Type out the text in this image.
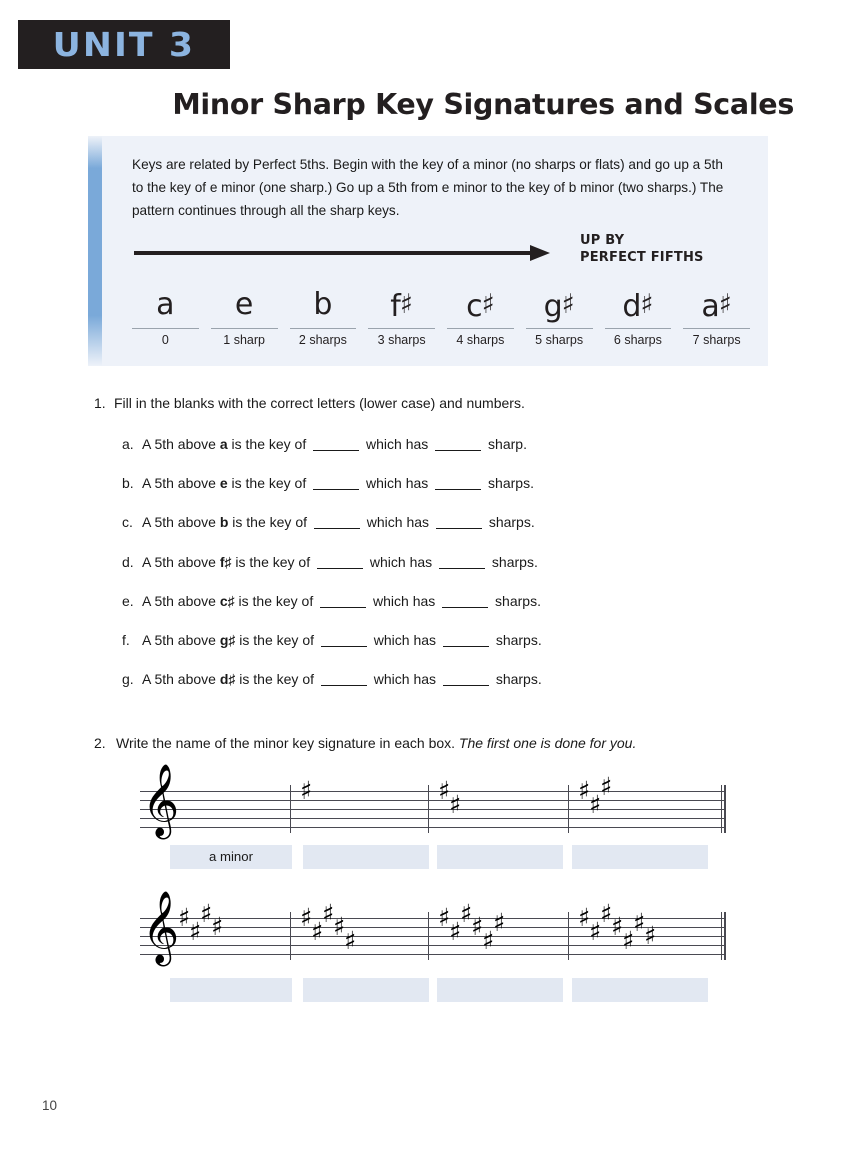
UNIT 3
Minor Sharp Key Signatures and Scales
Keys are related by Perfect 5ths. Begin with the key of a minor (no sharps or flats) and go up a 5th to the key of e minor (one sharp.) Go up a 5th from e minor to the key of b minor (two sharps.) The pattern continues through all the sharp keys.
UP BY
PERFECT FIFTHS
a
0
e
1 sharp
b
2 sharps
f♯
3 sharps
c♯
4 sharps
g♯
5 sharps
d♯
6 sharps
a♯
7 sharps
1. Fill in the blanks with the correct letters (lower case) and numbers.
a. A 5th above a is the key of	which has	sharp.
b. A 5th above e is the key of	which has	sharps.
c. A 5th above b is the key of	which has	sharps.
d. A 5th above f♯ is the key of	which has	sharps.
e. A 5th above c♯ is the key of	which has	sharps.
f. A 5th above g♯ is the key of	which has	sharps.
g. A 5th above d♯ is the key of	which has	sharps.
2. Write the name of the minor key signature in each box. The first one is done for you.
𝄞	♯	♯
♯	♯
♯
♯
a minor
𝄞
♯
♯
♯
♯	♯
♯
♯
♯
♯
♯
♯
♯
♯
♯
♯	♯
♯
♯
♯
♯
♯
♯
10
